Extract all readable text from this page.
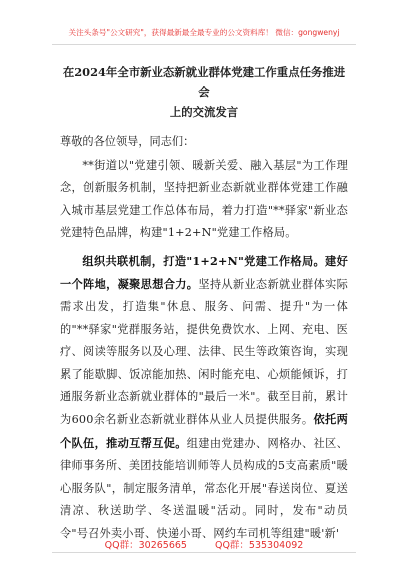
关注头条号"公文研究"，获得最新最全最专业的公文资料库！ 微信：gongwenyj
在2024年全市新业态新就业群体党建工作重点任务推进会
上的交流发言

尊敬的各位领导，同志们：

**街道以"党建引领、暖新关爱、融入基层"为工作理念，创新服务机制，坚持把新业态新就业群体党建工作融入城市基层党建工作总体布局，着力打造"**驿家"新业态党建特色品牌，构建"1+2+N"党建工作格局。

组织共联机制，打造"1+2+N"党建工作格局。建好一个阵地，凝聚思想合力。坚持从新业态新就业群体实际需求出发，打造集"休息、服务、问需、提升"为一体的"**驿家"党群服务站，提供免费饮水、上网、充电、医疗、阅读等服务以及心理、法律、民生等政策咨询，实现累了能歇脚、饭凉能加热、闲时能充电、心烦能倾诉，打通服务新业态新就业群体的"最后一米"。截至目前，累计为600余名新业态新就业群体从业人员提供服务。依托两个队伍，推动互帮互促。组建由党建办、网格办、社区、律师事务所、美团技能培训师等人员构成的5支高素质"暖心服务队"，制定服务清单，常态化开展"春送岗位、夏送清凉、秋送助学、冬送温暖"活动。同时，发布"动员令"号召外卖小哥、快递小哥、网约车司机等组建"暖'新'

QQ群：30265665	QQ群：535304092
